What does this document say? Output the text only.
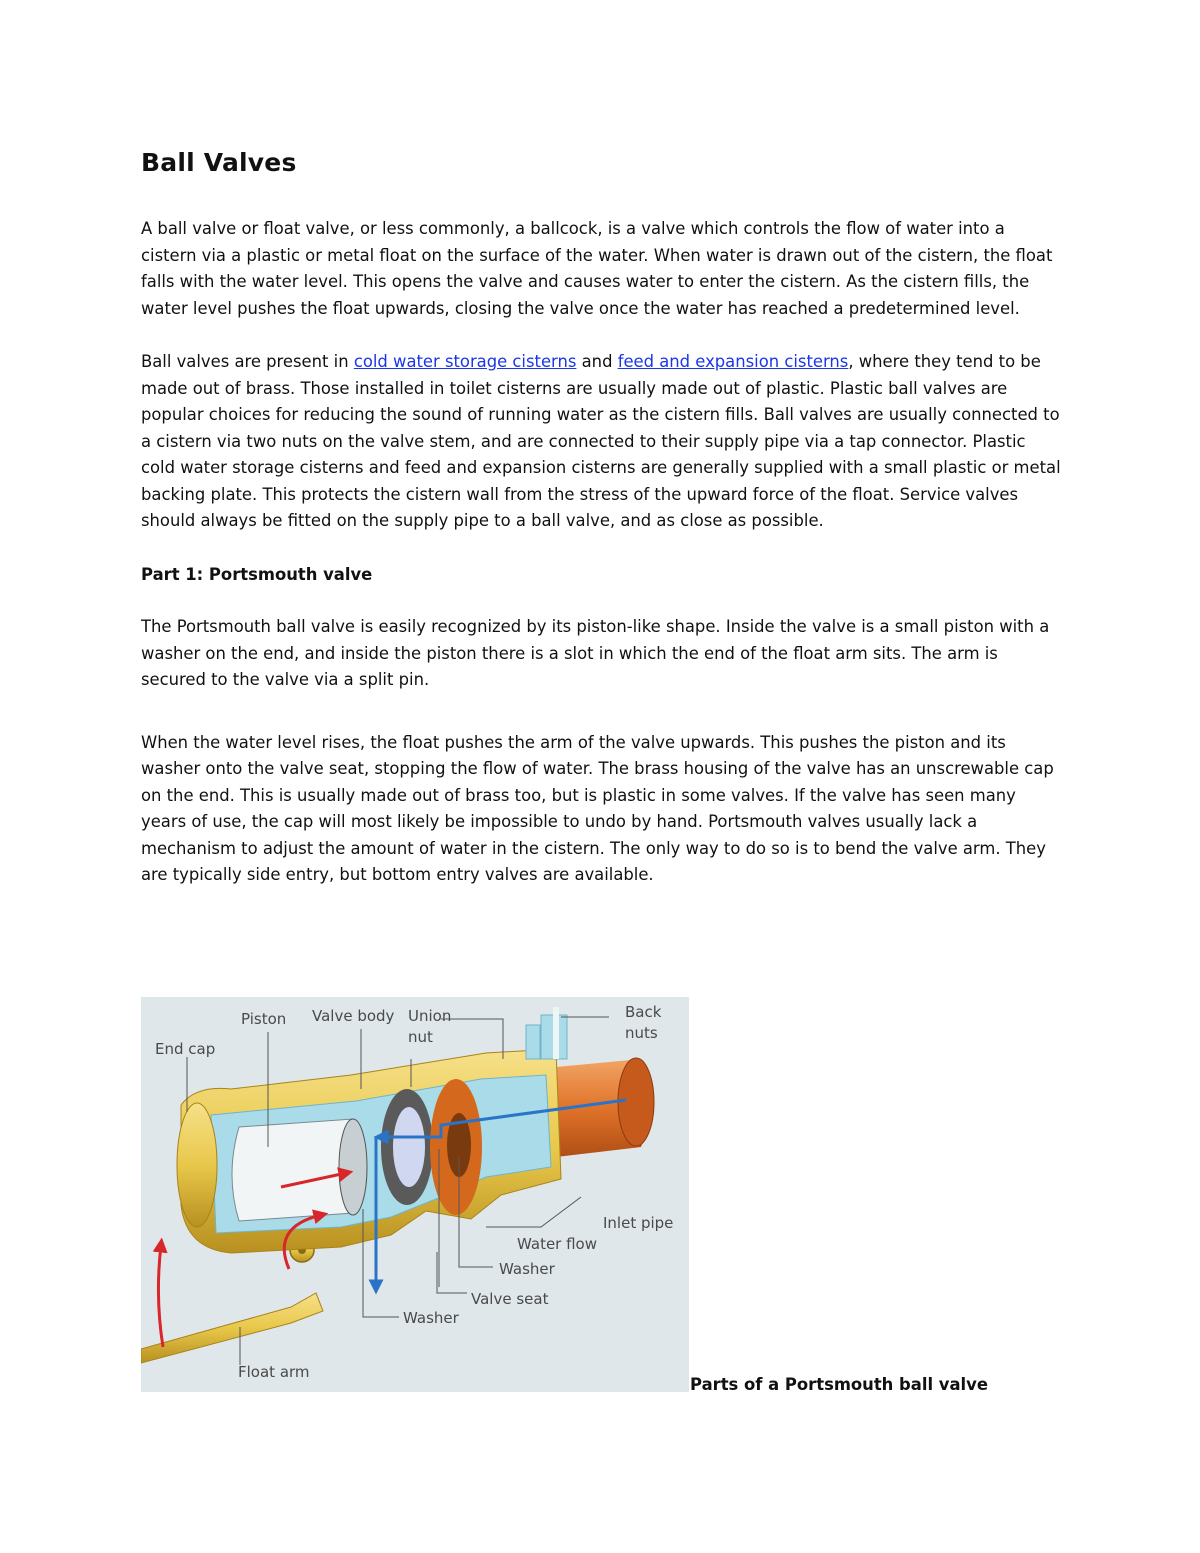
Ball Valves

A ball valve or float valve, or less commonly, a ballcock, is a valve which controls the flow of water into a cistern via a plastic or metal float on the surface of the water. When water is drawn out of the cistern, the float falls with the water level. This opens the valve and causes water to enter the cistern. As the cistern fills, the water level pushes the float upwards, closing the valve once the water has reached a predetermined level.

Ball valves are present in cold water storage cisterns and feed and expansion cisterns, where they tend to be made out of brass. Those installed in toilet cisterns are usually made out of plastic. Plastic ball valves are popular choices for reducing the sound of running water as the cistern fills. Ball valves are usually connected to a cistern via two nuts on the valve stem, and are connected to their supply pipe via a tap connector. Plastic cold water storage cisterns and feed and expansion cisterns are generally supplied with a small plastic or metal backing plate. This protects the cistern wall from the stress of the upward force of the float. Service valves should always be fitted on the supply pipe to a ball valve, and as close as possible.

Part 1: Portsmouth valve

The Portsmouth ball valve is easily recognized by its piston-like shape. Inside the valve is a small piston with a washer on the end, and inside the piston there is a slot in which the end of the float arm sits. The arm is secured to the valve via a split pin.

When the water level rises, the float pushes the arm of the valve upwards. This pushes the piston and its washer onto the valve seat, stopping the flow of water. The brass housing of the valve has an unscrewable cap on the end. This is usually made out of brass too, but is plastic in some valves. If the valve has seen many years of use, the cap will most likely be impossible to undo by hand. Portsmouth valves usually lack a mechanism to adjust the amount of water in the cistern. The only way to do so is to bend the valve arm. They are typically side entry, but bottom entry valves are available.

End cap
Piston Valve body Union
nut
Back
nuts
Inlet pipe
Water flow
Washer
Valve seat
Washer
Float arm
Parts of a Portsmouth ball valve
